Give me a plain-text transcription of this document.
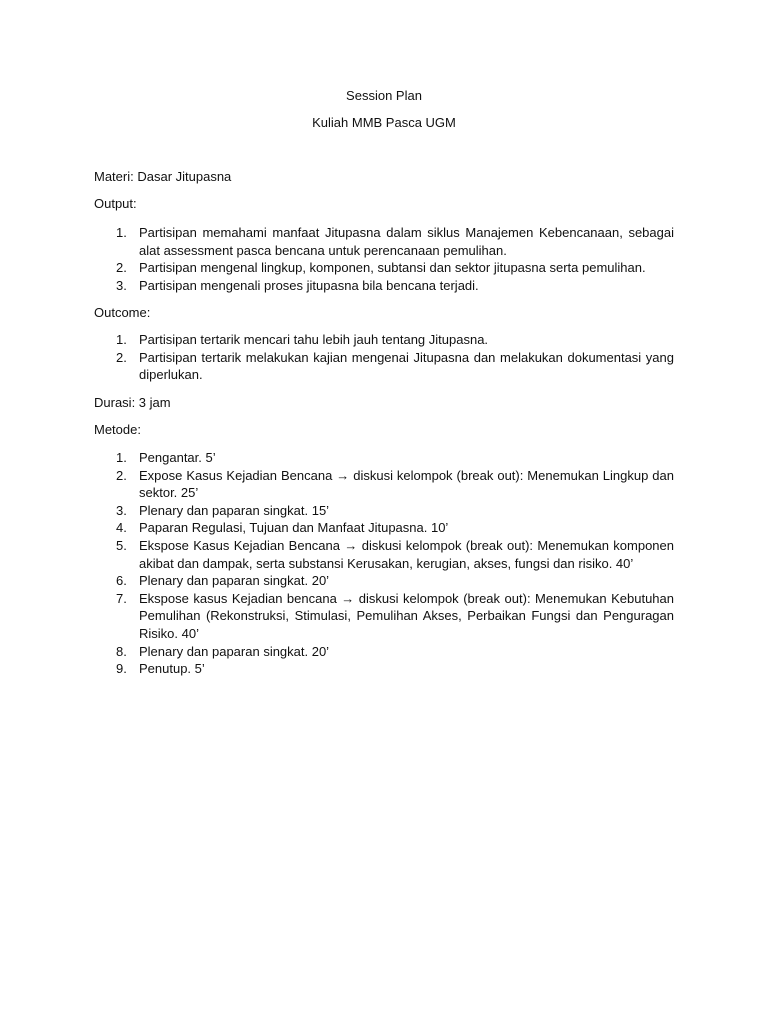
Session Plan
Kuliah MMB Pasca UGM
Materi: Dasar Jitupasna
Output:
1. Partisipan memahami manfaat Jitupasna dalam siklus Manajemen Kebencanaan, sebagai alat assessment pasca bencana untuk perencanaan pemulihan.
2. Partisipan mengenal lingkup, komponen, subtansi dan sektor jitupasna serta pemulihan.
3. Partisipan mengenali proses jitupasna bila bencana terjadi.
Outcome:
1. Partisipan tertarik mencari tahu lebih jauh tentang Jitupasna.
2. Partisipan tertarik melakukan kajian mengenai Jitupasna dan melakukan dokumentasi yang diperlukan.
Durasi: 3 jam
Metode:
1. Pengantar. 5’
2. Expose Kasus Kejadian Bencana → diskusi kelompok (break out): Menemukan Lingkup dan sektor. 25’
3. Plenary dan paparan singkat. 15’
4. Paparan Regulasi, Tujuan dan Manfaat Jitupasna. 10’
5. Ekspose Kasus Kejadian Bencana → diskusi kelompok (break out): Menemukan komponen akibat dan dampak, serta substansi Kerusakan, kerugian, akses, fungsi dan risiko. 40’
6. Plenary dan paparan singkat. 20’
7. Ekspose kasus Kejadian bencana → diskusi kelompok (break out): Menemukan Kebutuhan Pemulihan (Rekonstruksi, Stimulasi, Pemulihan Akses, Perbaikan Fungsi dan Penguragan Risiko. 40’
8. Plenary dan paparan singkat. 20’
9. Penutup. 5’
